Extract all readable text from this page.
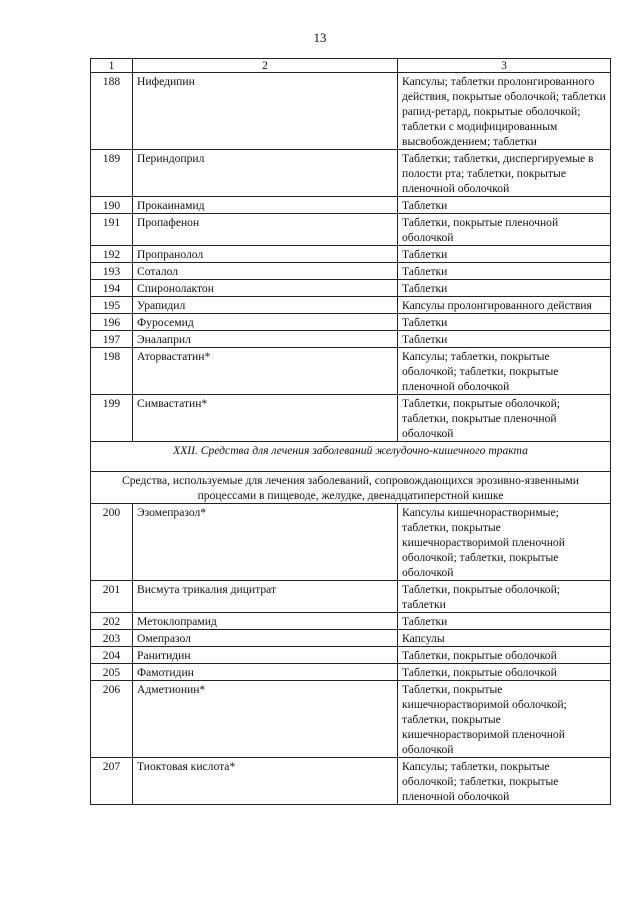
13
1	2	3
188	Нифедипин	Капсулы; таблетки пролонгированного действия, покрытые оболочкой; таблетки рапид-ретард, покрытые оболочкой; таблетки с модифицированным высвобождением; таблетки
189	Периндоприл	Таблетки; таблетки, диспергируемые в полости рта; таблетки, покрытые пленочной оболочкой
190	Прокаинамид	Таблетки
191	Пропафенон	Таблетки, покрытые пленочной оболочкой
192	Пропранолол	Таблетки
193	Соталол	Таблетки
194	Спиронолактон	Таблетки
195	Урапидил	Капсулы пролонгированного действия
196	Фуросемид	Таблетки
197	Эналаприл	Таблетки
198	Аторвастатин*	Капсулы; таблетки, покрытые оболочкой; таблетки, покрытые пленочной оболочкой
199	Симвастатин*	Таблетки, покрытые оболочкой; таблетки, покрытые пленочной оболочкой
XXII. Средства для лечения заболеваний желудочно-кишечного тракта		
Средства, используемые для лечения заболеваний, сопровождающихся эрозивно-язвенными процессами в пищеводе, желудке, двенадцатиперстной кишке		
200	Эзомепразол*	Капсулы кишечнорастворимые; таблетки, покрытые кишечнорастворимой пленочной оболочкой; таблетки, покрытые оболочкой
201	Висмута трикалия дицитрат	Таблетки, покрытые оболочкой; таблетки
202	Метоклопрамид	Таблетки
203	Омепразол	Капсулы
204	Ранитидин	Таблетки, покрытые оболочкой
205	Фамотидин	Таблетки, покрытые оболочкой
206	Адметионин*	Таблетки, покрытые кишечнорастворимой оболочкой; таблетки, покрытые кишечнорастворимой пленочной оболочкой
207	Тиоктовая кислота*	Капсулы; таблетки, покрытые оболочкой; таблетки, покрытые пленочной оболочкой
